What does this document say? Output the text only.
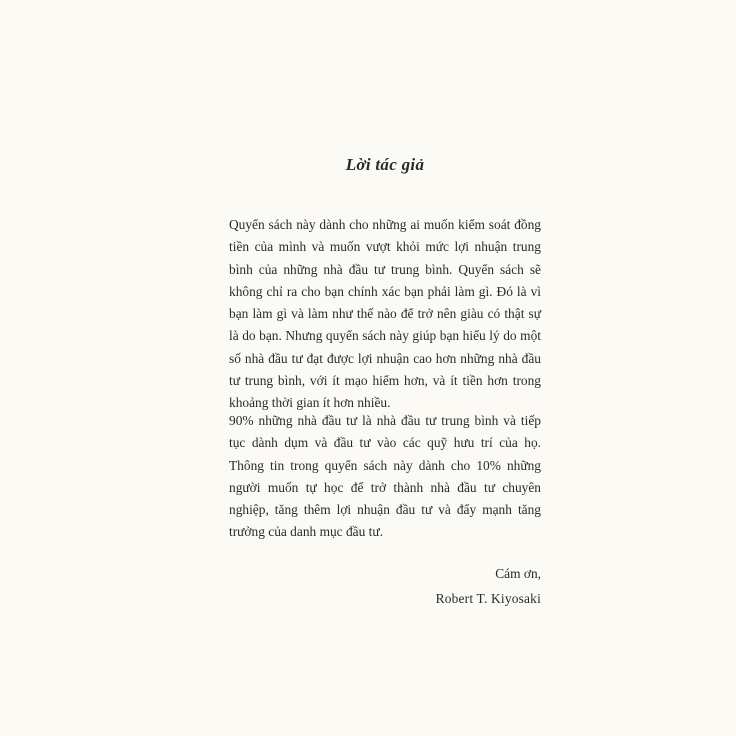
Lời tác giả

Quyển sách này dành cho những ai muốn kiểm soát đồng tiền của mình và muốn vượt khỏi mức lợi nhuận trung bình của những nhà đầu tư trung bình. Quyển sách sẽ không chỉ ra cho bạn chính xác bạn phải làm gì. Đó là vì bạn làm gì và làm như thế nào để trở nên giàu có thật sự là do bạn. Nhưng quyển sách này giúp bạn hiểu lý do một số nhà đầu tư đạt được lợi nhuận cao hơn những nhà đầu tư trung bình, với ít mạo hiểm hơn, và ít tiền hơn trong khoảng thời gian ít hơn nhiều.

90% những nhà đầu tư là nhà đầu tư trung bình và tiếp tục dành dụm và đầu tư vào các quỹ hưu trí của họ. Thông tin trong quyển sách này dành cho 10% những người muốn tự học để trở thành nhà đầu tư chuyên nghiệp, tăng thêm lợi nhuận đầu tư và đẩy mạnh tăng trưởng của danh mục đầu tư.

Cám ơn,

Robert T. Kiyosaki
